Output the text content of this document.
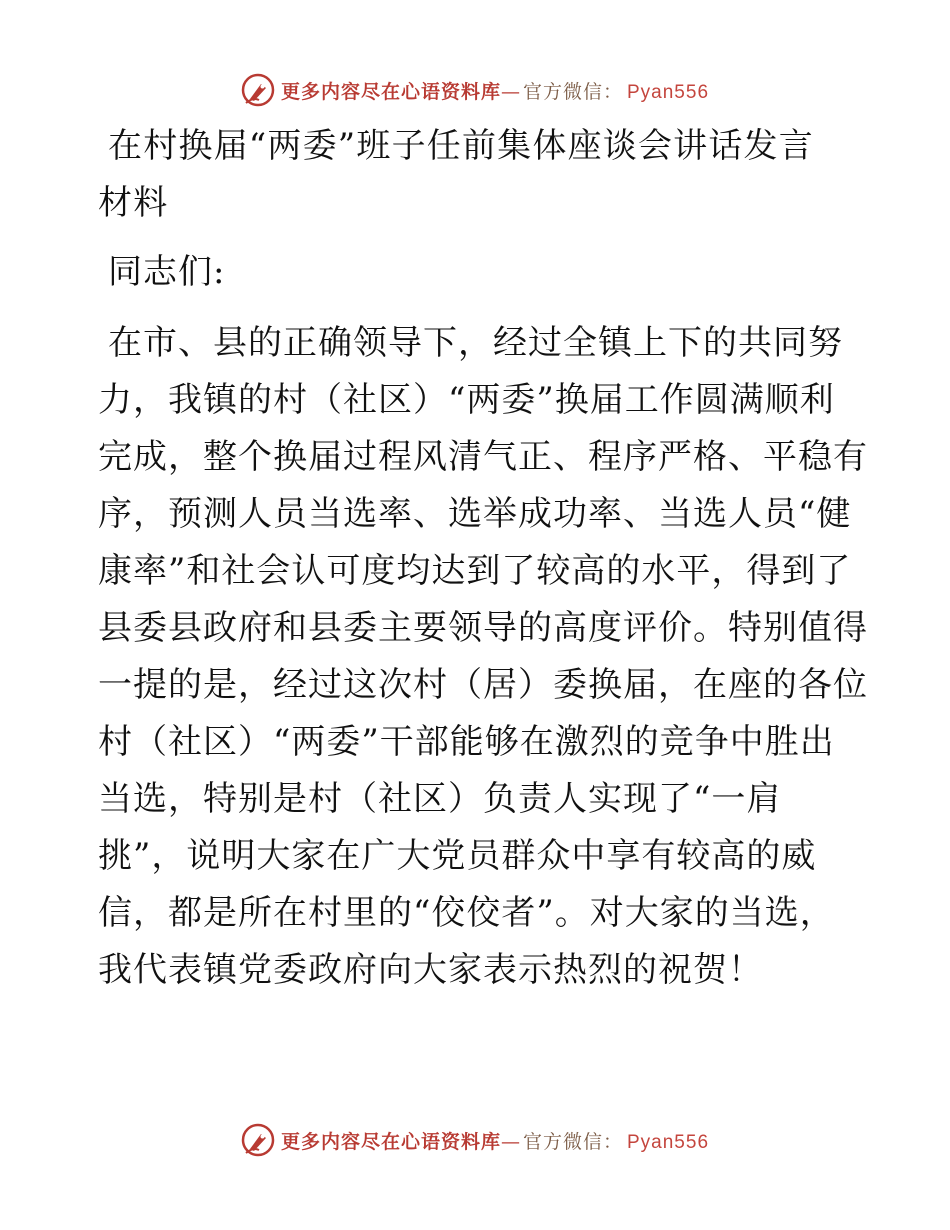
更多内容尽在心语资料库— 官方微信： Pyan556
在村换届“两委”班子任前集体座谈会讲话发言
材料
同志们:
在市、县的正确领导下，经过全镇上下的共同努
力，我镇的村（社区）“两委”换届工作圆满顺利
完成，整个换届过程风清气正、程序严格、平稳有
序，预测人员当选率、选举成功率、当选人员“健
康率”和社会认可度均达到了较高的水平，得到了
县委县政府和县委主要领导的高度评价。特别值得
一提的是，经过这次村（居）委换届，在座的各位
村（社区）“两委”干部能够在激烈的竞争中胜出
当选，特别是村（社区）负责人实现了“一肩
挑”，说明大家在广大党员群众中享有较高的威
信，都是所在村里的“佼佼者”。对大家的当选，
我代表镇党委政府向大家表示热烈的祝贺！
更多内容尽在心语资料库— 官方微信： Pyan556
